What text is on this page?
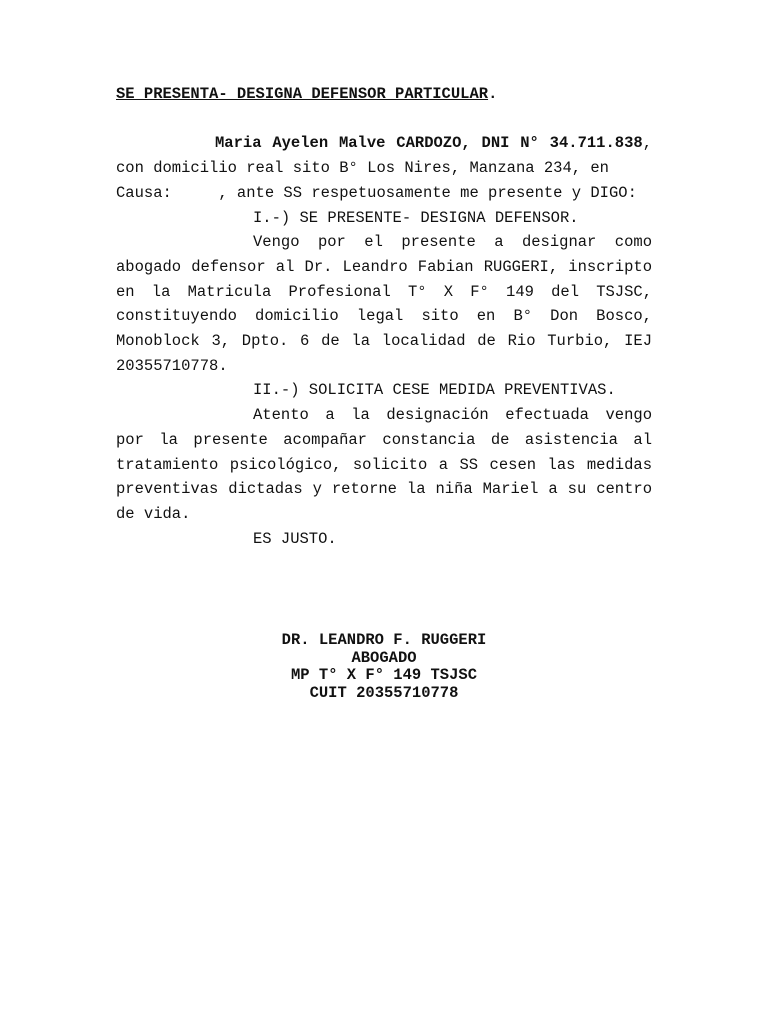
SE PRESENTA- DESIGNA DEFENSOR PARTICULAR.

Maria Ayelen Malve CARDOZO, DNI N° 34.711.838, con domicilio real sito B° Los Nires, Manzana 234, en

Causa:     , ante SS respetuosamente me presente y DIGO:

I.-) SE PRESENTE- DESIGNA DEFENSOR.

Vengo por el presente a designar como abogado defensor al Dr. Leandro Fabian RUGGERI, inscripto en la Matricula Profesional T° X F° 149 del TSJSC, constituyendo domicilio legal sito en B° Don Bosco, Monoblock 3, Dpto. 6 de la localidad de Rio Turbio, IEJ 20355710778.

II.-) SOLICITA CESE MEDIDA PREVENTIVAS.

Atento a la designación efectuada vengo por la presente acompañar constancia de asistencia al tratamiento psicológico, solicito a SS cesen las medidas preventivas dictadas y retorne la niña Mariel a su centro de vida.

ES JUSTO.

DR. LEANDRO F. RUGGERI
ABOGADO
MP T° X F° 149 TSJSC
CUIT 20355710778
